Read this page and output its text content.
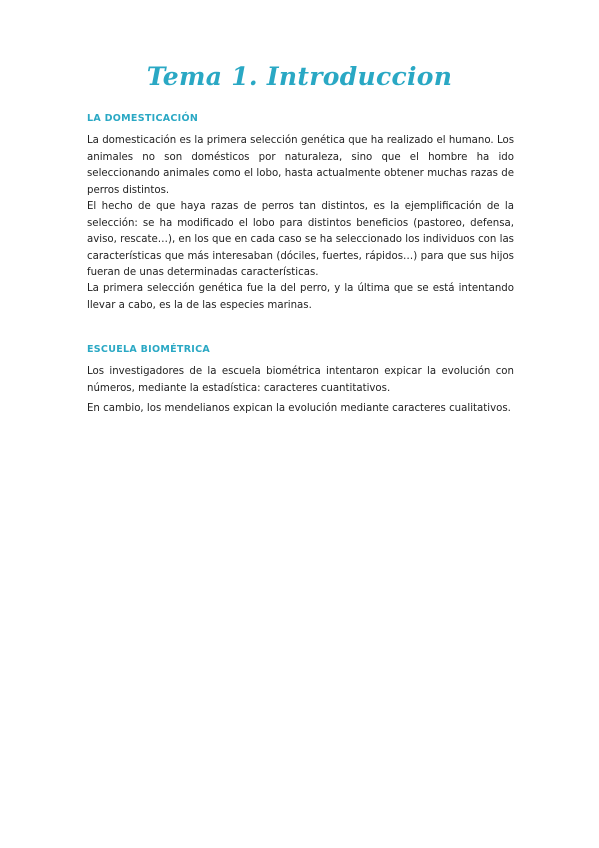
Tema 1. Introduccion
LA DOMESTICACIÓN

La domesticación es la primera selección genética que ha realizado el humano. Los animales no son domésticos por naturaleza, sino que el hombre ha ido seleccionando animales como el lobo, hasta actualmente obtener muchas razas de perros distintos.

El hecho de que haya razas de perros tan distintos, es la ejemplificación de la selección: se ha modificado el lobo para distintos beneficios (pastoreo, defensa, aviso, rescate…), en los que en cada caso se ha seleccionado los individuos con las características que más interesaban (dóciles, fuertes, rápidos…) para que sus hijos fueran de unas determinadas características.

La primera selección genética fue la del perro, y la última que se está intentando llevar a cabo, es la de las especies marinas.

ESCUELA BIOMÉTRICA

Los investigadores de la escuela biométrica intentaron expicar la evolución con números, mediante la estadística: caracteres cuantitativos.

En cambio, los mendelianos expican la evolución mediante caracteres cualitativos.
